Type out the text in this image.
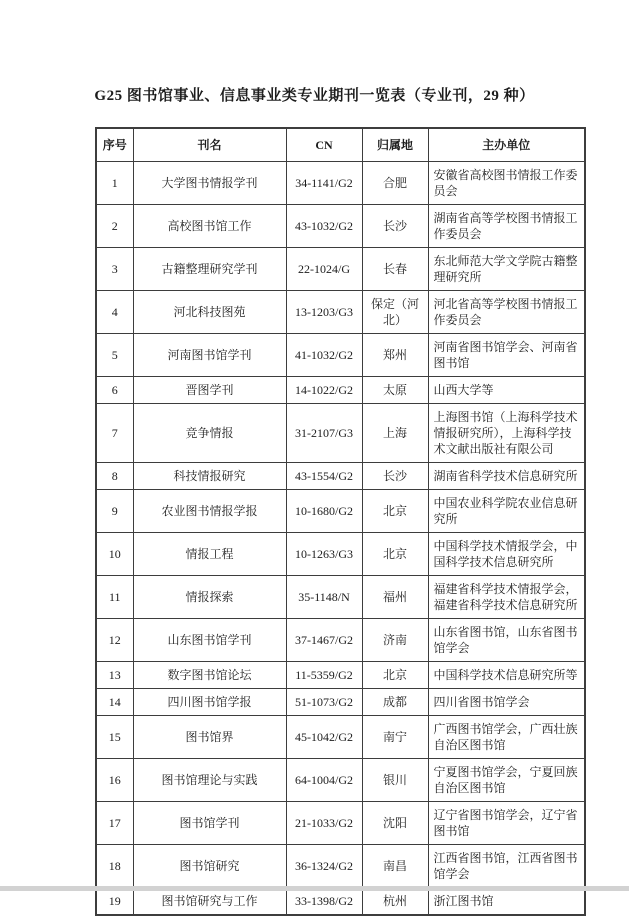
G25 图书馆事业、信息事业类专业期刊一览表（专业刊，29 种）
序号	刊名	CN	归属地	主办单位
1	大学图书情报学刊	34-1141/G2	合肥	安徽省高校图书情报工作委员会
2	高校图书馆工作	43-1032/G2	长沙	湖南省高等学校图书情报工作委员会
3	古籍整理研究学刊	22-1024/G	长春	东北师范大学文学院古籍整理研究所
4	河北科技图苑	13-1203/G3	保定（河北）	河北省高等学校图书情报工作委员会
5	河南图书馆学刊	41-1032/G2	郑州	河南省图书馆学会、河南省图书馆
6	晋图学刊	14-1022/G2	太原	山西大学等
7	竞争情报	31-2107/G3	上海	上海图书馆（上海科学技术情报研究所），上海科学技术文献出版社有限公司
8	科技情报研究	43-1554/G2	长沙	湖南省科学技术信息研究所
9	农业图书情报学报	10-1680/G2	北京	中国农业科学院农业信息研究所
10	情报工程	10-1263/G3	北京	中国科学技术情报学会，中国科学技术信息研究所
11	情报探索	35-1148/N	福州	福建省科学技术情报学会，福建省科学技术信息研究所
12	山东图书馆学刊	37-1467/G2	济南	山东省图书馆，山东省图书馆学会
13	数字图书馆论坛	11-5359/G2	北京	中国科学技术信息研究所等
14	四川图书馆学报	51-1073/G2	成都	四川省图书馆学会
15	图书馆界	45-1042/G2	南宁	广西图书馆学会，广西壮族自治区图书馆
16	图书馆理论与实践	64-1004/G2	银川	宁夏图书馆学会，宁夏回族自治区图书馆
17	图书馆学刊	21-1033/G2	沈阳	辽宁省图书馆学会，辽宁省图书馆
18	图书馆研究	36-1324/G2	南昌	江西省图书馆，江西省图书馆学会
19	图书馆研究与工作	33-1398/G2	杭州	浙江图书馆
